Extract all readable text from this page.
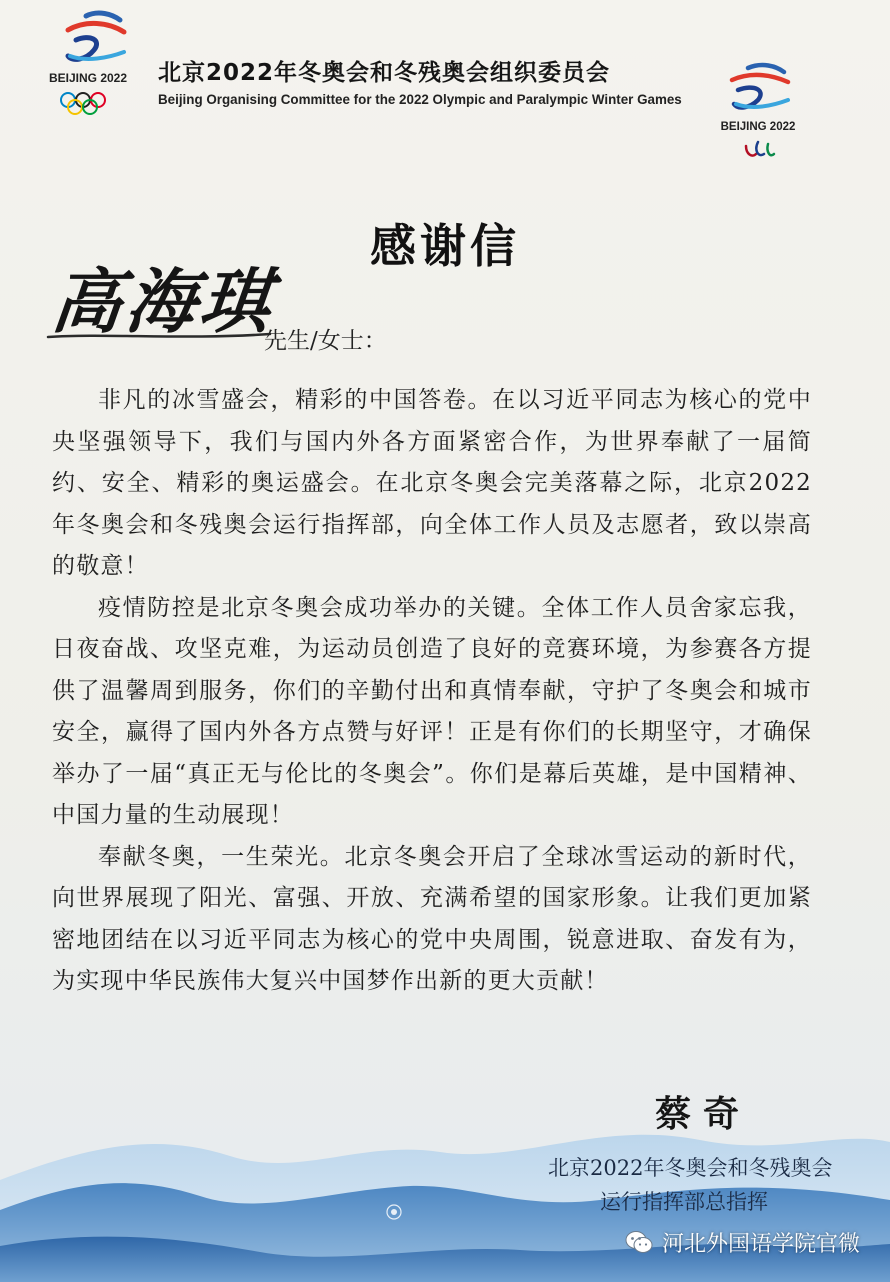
BEIJING 2022 北京2022年冬奥会和冬残奥会组织委员会
Beijing Organising Committee for the 2022 Olympic and Paralympic Winter Games
BEIJING 2022
感谢信
高海琪
先生/女士：

非凡的冰雪盛会，精彩的中国答卷。在以习近平同志为核心的党中央坚强领导下，我们与国内外各方面紧密合作，为世界奉献了一届简约、安全、精彩的奥运盛会。在北京冬奥会完美落幕之际，北京2022年冬奥会和冬残奥会运行指挥部，向全体工作人员及志愿者，致以崇高的敬意！

疫情防控是北京冬奥会成功举办的关键。全体工作人员舍家忘我，日夜奋战、攻坚克难，为运动员创造了良好的竞赛环境，为参赛各方提供了温馨周到服务，你们的辛勤付出和真情奉献，守护了冬奥会和城市安全，赢得了国内外各方点赞与好评！正是有你们的长期坚守，才确保举办了一届“真正无与伦比的冬奥会”。你们是幕后英雄，是中国精神、中国力量的生动展现！

奉献冬奥，一生荣光。北京冬奥会开启了全球冰雪运动的新时代，向世界展现了阳光、富强、开放、充满希望的国家形象。让我们更加紧密地团结在以习近平同志为核心的党中央周围，锐意进取、奋发有为，为实现中华民族伟大复兴中国梦作出新的更大贡献！

蔡奇
北京2022年冬奥会和冬残奥会
运行指挥部总指挥
河北外国语学院官微
